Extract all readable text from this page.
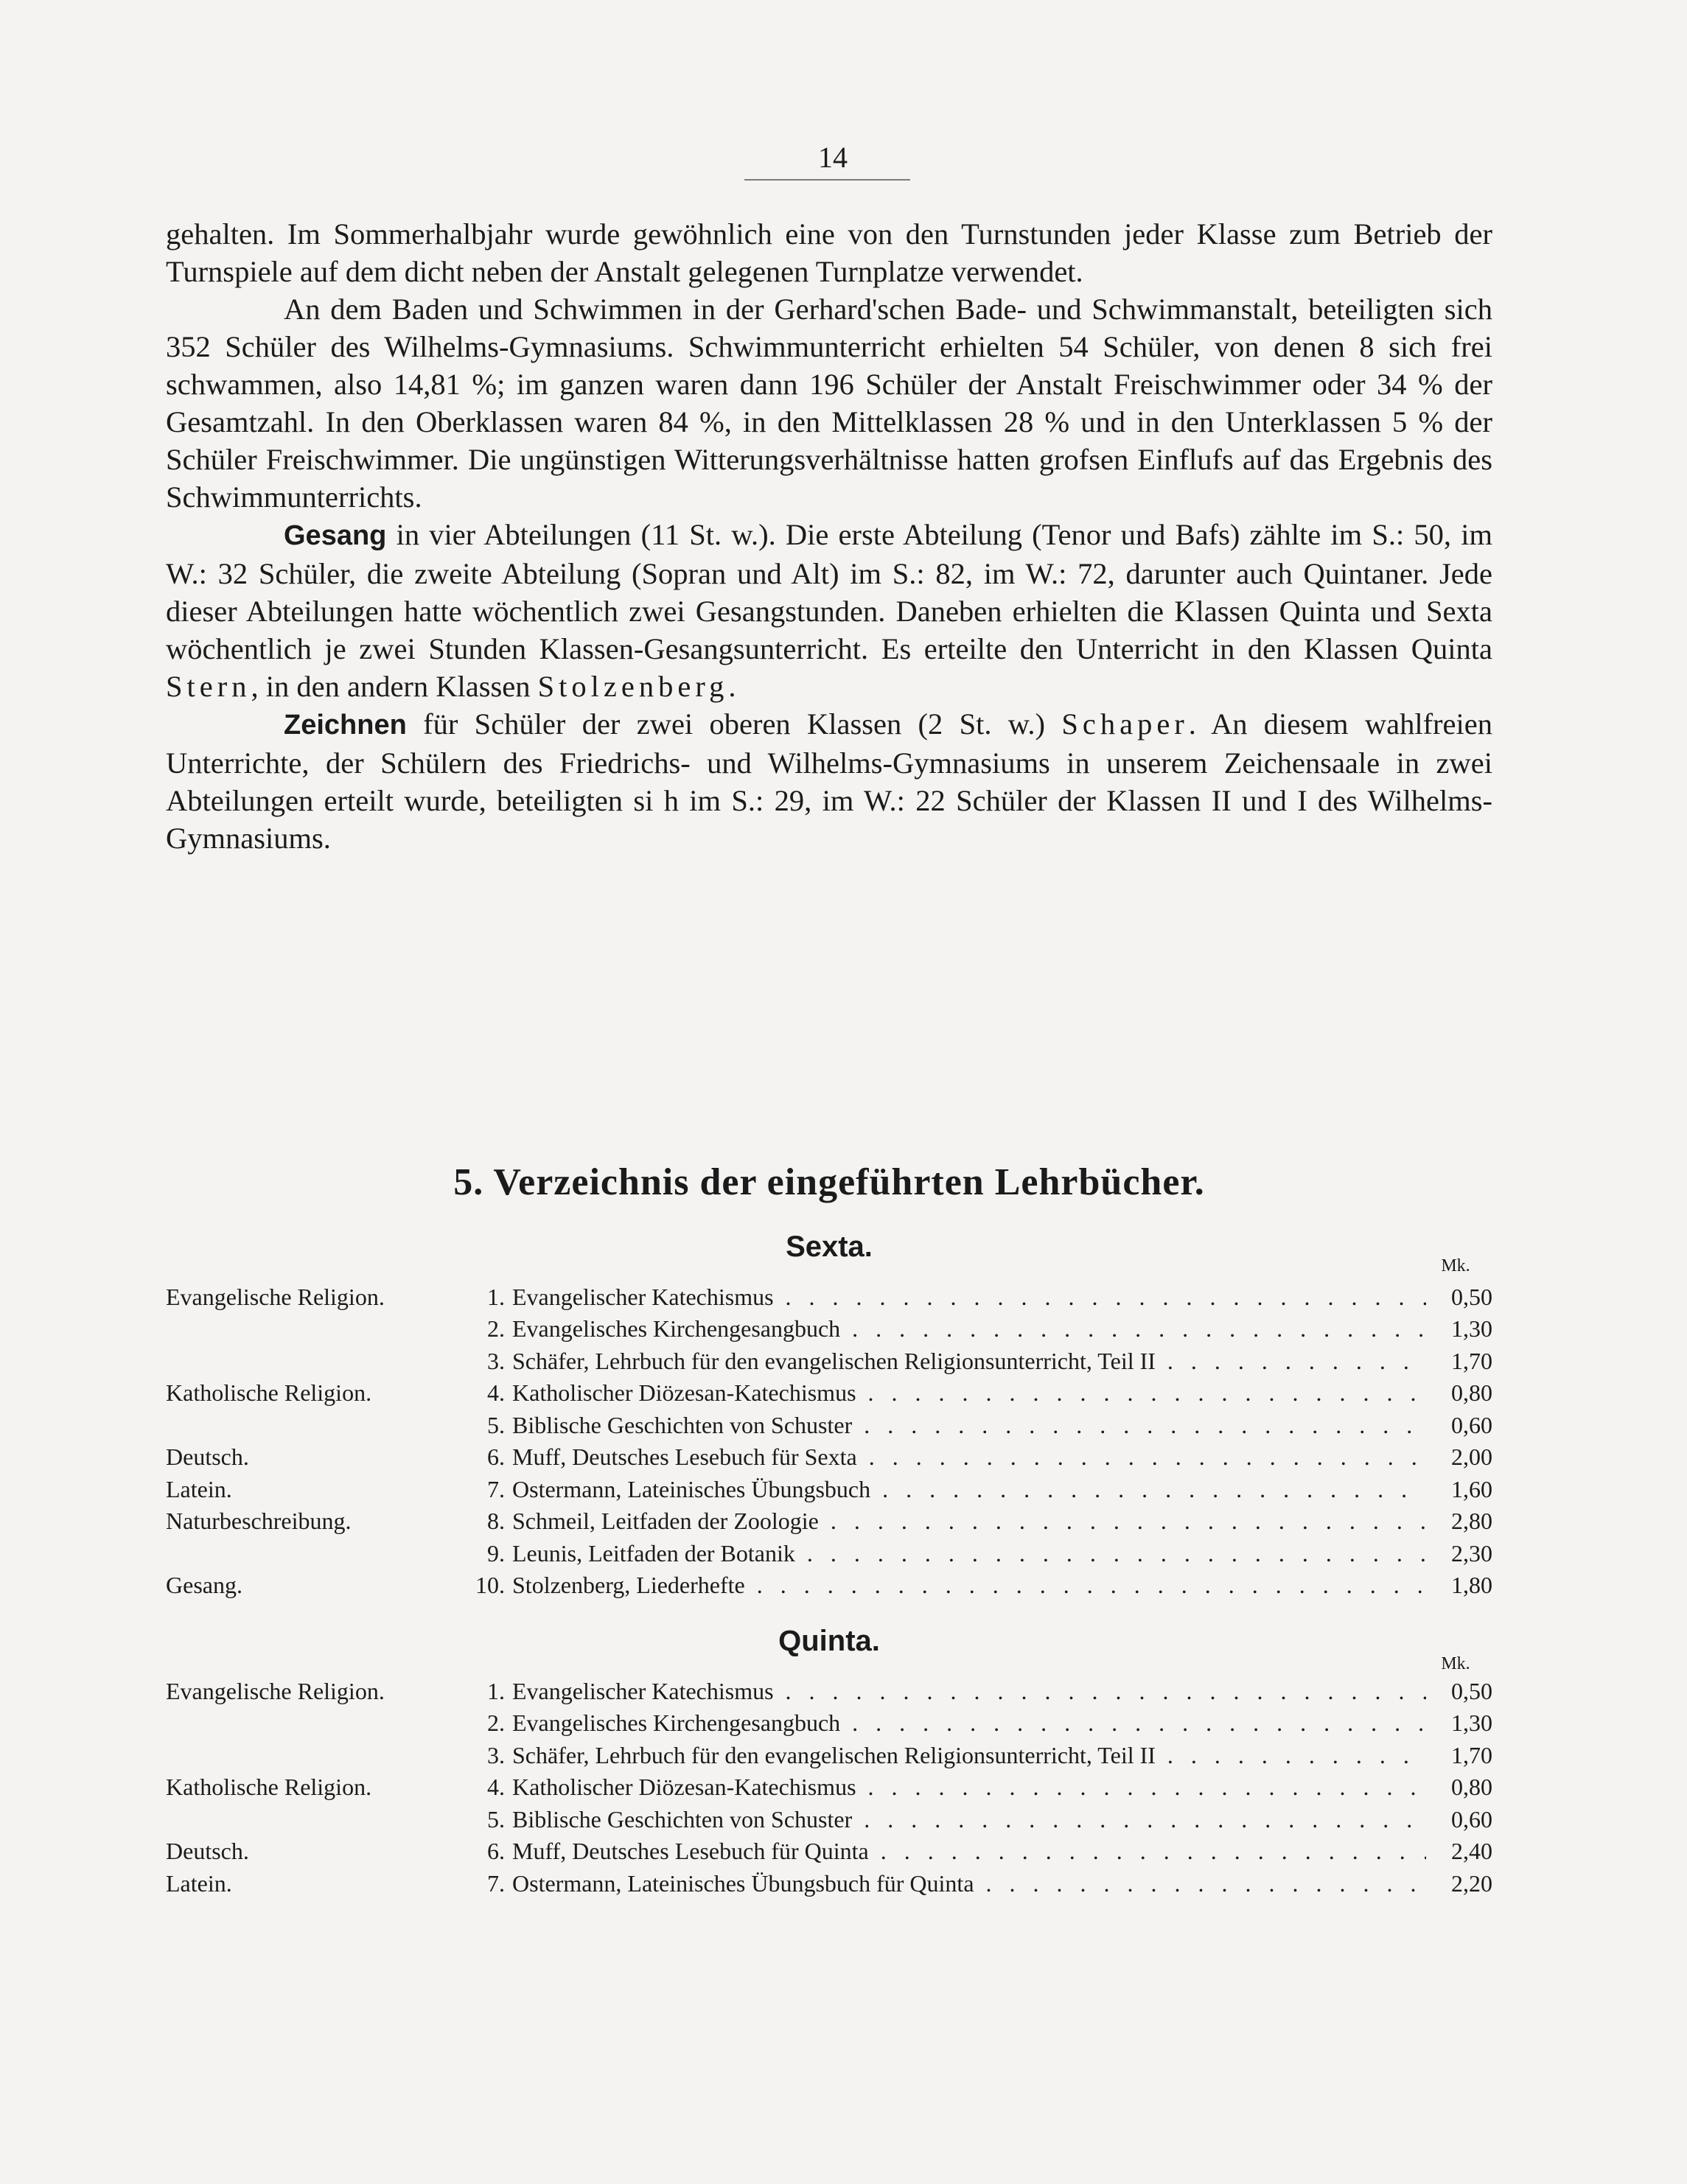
14

gehalten. Im Sommerhalbjahr wurde gewöhnlich eine von den Turnstunden jeder Klasse zum Betrieb der Turnspiele auf dem dicht neben der Anstalt gelegenen Turnplatze verwendet.

An dem Baden und Schwimmen in der Gerhard'schen Bade- und Schwimmanstalt, beteiligten sich 352 Schüler des Wilhelms-Gymnasiums. Schwimmunterricht erhielten 54 Schüler, von denen 8 sich frei schwammen, also 14,81 %; im ganzen waren dann 196 Schüler der Anstalt Freischwimmer oder 34 % der Gesamtzahl. In den Oberklassen waren 84 %, in den Mittelklassen 28 % und in den Unterklassen 5 % der Schüler Freischwimmer. Die ungünstigen Witterungsverhältnisse hatten grofsen Einflufs auf das Ergebnis des Schwimmunterrichts.

Gesang in vier Abteilungen (11 St. w.). Die erste Abteilung (Tenor und Bafs) zählte im S.: 50, im W.: 32 Schüler, die zweite Abteilung (Sopran und Alt) im S.: 82, im W.: 72, darunter auch Quintaner. Jede dieser Abteilungen hatte wöchentlich zwei Gesangstunden. Daneben erhielten die Klassen Quinta und Sexta wöchentlich je zwei Stunden Klassen-Gesangsunterricht. Es erteilte den Unterricht in den Klassen Quinta Stern, in den andern Klassen Stolzenberg.

Zeichnen für Schüler der zwei oberen Klassen (2 St. w.) Schaper. An diesem wahlfreien Unterrichte, der Schülern des Friedrichs- und Wilhelms-Gymnasiums in unserem Zeichensaale in zwei Abteilungen erteilt wurde, beteiligten si h im S.: 29, im W.: 22 Schüler der Klassen II und I des Wilhelms-Gymnasiums.

5. Verzeichnis der eingeführten Lehrbücher.
Sexta.
Mk.
Evangelische Religion.	1.	Evangelischer Katechismus . . .	0,50
	2.	Evangelisches Kirchengesangbuch . . .	1,30
	3.	Schäfer, Lehrbuch für den evangelischen Religionsunterricht, Teil II . . .	1,70
Katholische Religion.	4.	Katholischer Diözesan-Katechismus . . .	0,80
	5.	Biblische Geschichten von Schuster . . .	0,60
Deutsch.	6.	Muff, Deutsches Lesebuch für Sexta . . .	2,00
Latein.	7.	Ostermann, Lateinisches Übungsbuch . . .	1,60
Naturbeschreibung.	8.	Schmeil, Leitfaden der Zoologie . . .	2,80
	9.	Leunis, Leitfaden der Botanik . . .	2,30
Gesang.	10.	Stolzenberg, Liederhefte . . .	1,80
Quinta.
Mk.
Evangelische Religion.	1.	Evangelischer Katechismus . . .	0,50
	2.	Evangelisches Kirchengesangbuch . . .	1,30
	3.	Schäfer, Lehrbuch für den evangelischen Religionsunterricht, Teil II . . .	1,70
Katholische Religion.	4.	Katholischer Diözesan-Katechismus . . .	0,80
	5.	Biblische Geschichten von Schuster . . .	0,60
Deutsch.	6.	Muff, Deutsches Lesebuch für Quinta . . .	2,40
Latein.	7.	Ostermann, Lateinisches Übungsbuch für Quinta . . .	2,20
